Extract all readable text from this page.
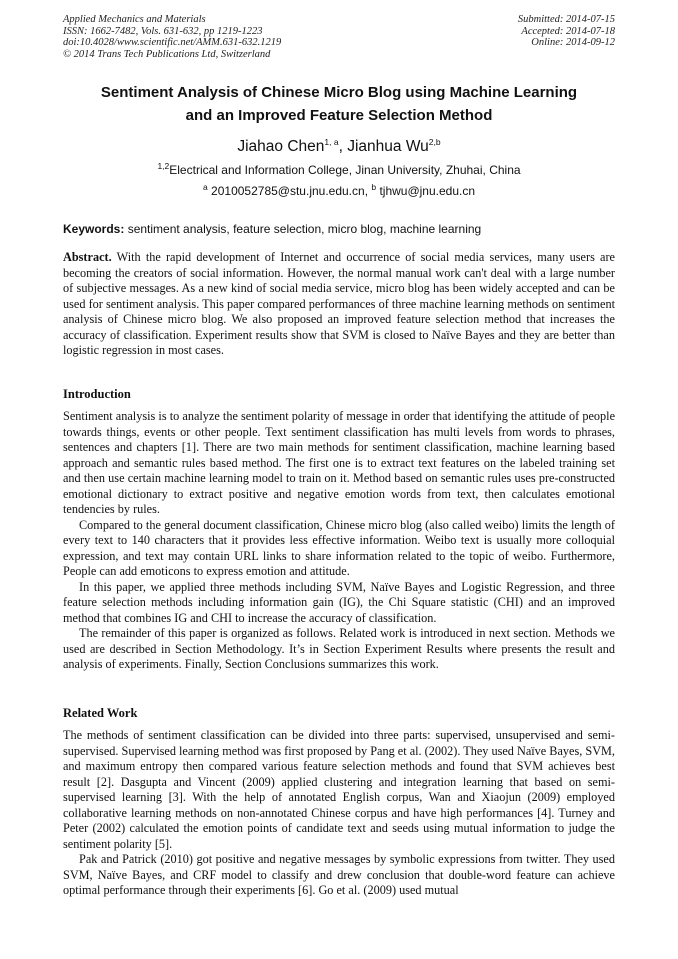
Applied Mechanics and Materials
ISSN: 1662-7482, Vols. 631-632, pp 1219-1223
doi:10.4028/www.scientific.net/AMM.631-632.1219
© 2014 Trans Tech Publications Ltd, Switzerland
Submitted: 2014-07-15
Accepted: 2014-07-18
Online: 2014-09-12
Sentiment Analysis of Chinese Micro Blog using Machine Learning
and an Improved Feature Selection Method
Jiahao Chen$^{1, a}$, Jianhua Wu$^{2,b}$
$^{1,2}$Electrical and Information College, Jinan University, Zhuhai, China
$^a$ 2010052785@stu.jnu.edu.cn, $^b$ tjhwu@jnu.edu.cn
Keywords: sentiment analysis, feature selection, micro blog, machine learning

Abstract. With the rapid development of Internet and occurrence of social media services, many users are becoming the creators of social information. However, the normal manual work can't deal with a large number of subjective messages. As a new kind of social media service, micro blog has been widely accepted and can be used for sentiment analysis. This paper compared performances of three machine learning methods on sentiment analysis of Chinese micro blog. We also proposed an improved feature selection method that increases the accuracy of classification. Experiment results show that SVM is closed to Naïve Bayes and they are better than logistic regression in most cases.

Introduction

Sentiment analysis is to analyze the sentiment polarity of message in order that identifying the attitude of people towards things, events or other people. Text sentiment classification has multi levels from words to phrases, sentences and chapters [1]. There are two main methods for sentiment classification, machine learning based approach and semantic rules based method. The first one is to extract text features on the labeled training set and then use certain machine learning model to train on it. Method based on semantic rules uses pre-constructed emotional dictionary to extract positive and negative emotion words from text, then calculates emotional tendencies by rules.

Compared to the general document classification, Chinese micro blog (also called weibo) limits the length of every text to 140 characters that it provides less effective information. Weibo text is usually more colloquial expression, and text may contain URL links to share information related to the topic of weibo. Furthermore, People can add emoticons to express emotion and attitude.

In this paper, we applied three methods including SVM, Naïve Bayes and Logistic Regression, and three feature selection methods including information gain (IG), the Chi Square statistic (CHI) and an improved method that combines IG and CHI to increase the accuracy of classification.

The remainder of this paper is organized as follows. Related work is introduced in next section. Methods we used are described in Section Methodology. It’s in Section Experiment Results where presents the result and analysis of experiments. Finally, Section Conclusions summarizes this work.

Related Work

The methods of sentiment classification can be divided into three parts: supervised, unsupervised and semi-supervised. Supervised learning method was first proposed by Pang et al. (2002). They used Naïve Bayes, SVM, and maximum entropy then compared various feature selection methods and found that SVM achieves best result [2]. Dasgupta and Vincent (2009) applied clustering and integration learning that based on semi-supervised learning [3]. With the help of annotated English corpus, Wan and Xiaojun (2009) employed collaborative learning methods on non-annotated Chinese corpus and have high performances [4]. Turney and Peter (2002) calculated the emotion points of candidate text and seeds using mutual information to judge the sentiment polarity [5].

Pak and Patrick (2010) got positive and negative messages by symbolic expressions from twitter. They used SVM, Naïve Bayes, and CRF model to classify and drew conclusion that double-word feature can achieve optimal performance through their experiments [6]. Go et al. (2009) used mutual
